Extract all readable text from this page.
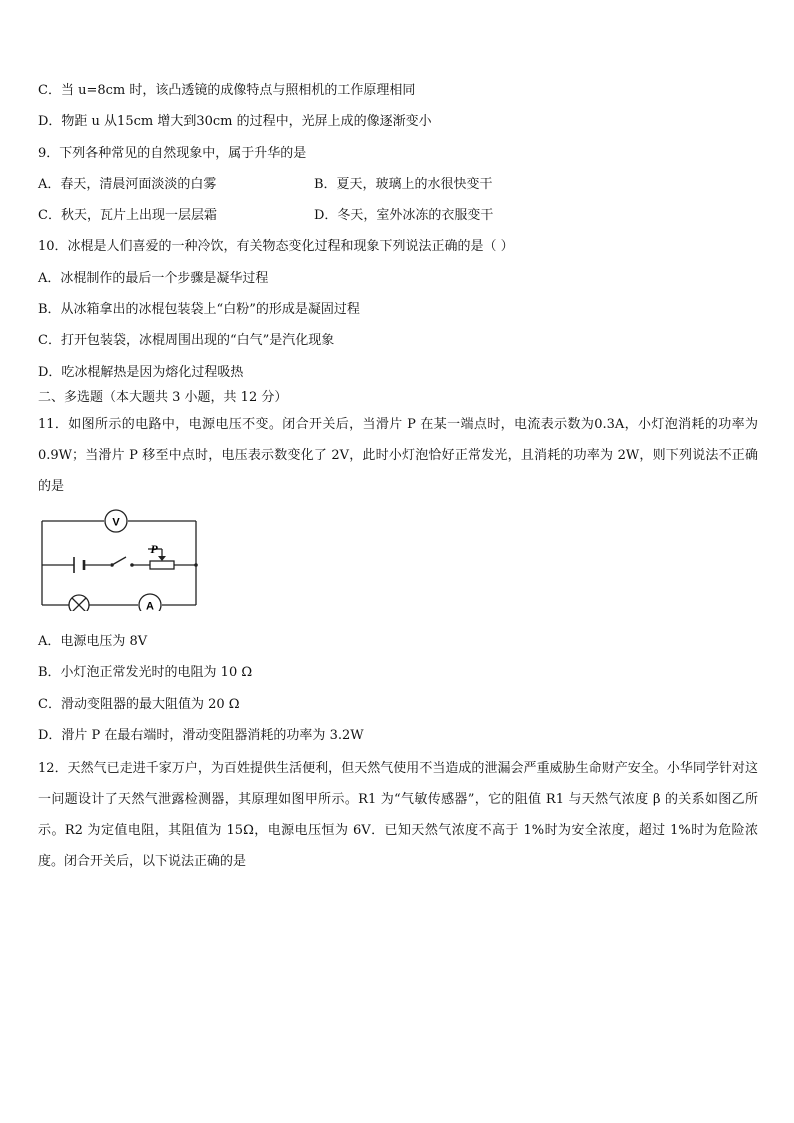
C．当 u=8cm 时，该凸透镜的成像特点与照相机的工作原理相同
D．物距 u 从15cm 增大到30cm 的过程中，光屏上成的像逐渐变小
9．下列各种常见的自然现象中，属于升华的是
A．春天，清晨河面淡淡的白雾	B．夏天，玻璃上的水很快变干
C．秋天，瓦片上出现一层层霜	D．冬天，室外冰冻的衣服变干
10．冰棍是人们喜爱的一种冷饮，有关物态变化过程和现象下列说法正确的是（ ）
A．冰棍制作的最后一个步骤是凝华过程
B．从冰箱拿出的冰棍包装袋上“白粉”的形成是凝固过程
C．打开包装袋，冰棍周围出现的“白气”是汽化现象
D．吃冰棍解热是因为熔化过程吸热
二、多选题（本大题共 3 小题，共 12 分）
11．如图所示的电路中，电源电压不变。闭合开关后，当滑片 P 在某一端点时，电流表示数为0.3A，小灯泡消耗的功率为0.9W；当滑片 P 移至中点时，电压表示数变化了 2V，此时小灯泡恰好正常发光，且消耗的功率为 2W，则下列说法不正确的是
V
A
P
A．电源电压为 8V
B．小灯泡正常发光时的电阻为 10 Ω
C．滑动变阻器的最大阻值为 20 Ω
D．滑片 P 在最右端时，滑动变阻器消耗的功率为 3.2W
12．天然气已走进千家万户，为百姓提供生活便利，但天然气使用不当造成的泄漏会严重威胁生命财产安全。小华同学针对这一问题设计了天然气泄露检测器，其原理如图甲所示。R1 为“气敏传感器”，它的阻值 R1 与天然气浓度 β 的关系如图乙所示。R2 为定值电阻，其阻值为 15Ω，电源电压恒为 6V．已知天然气浓度不高于 1%时为安全浓度，超过 1%时为危险浓度。闭合开关后，以下说法正确的是
